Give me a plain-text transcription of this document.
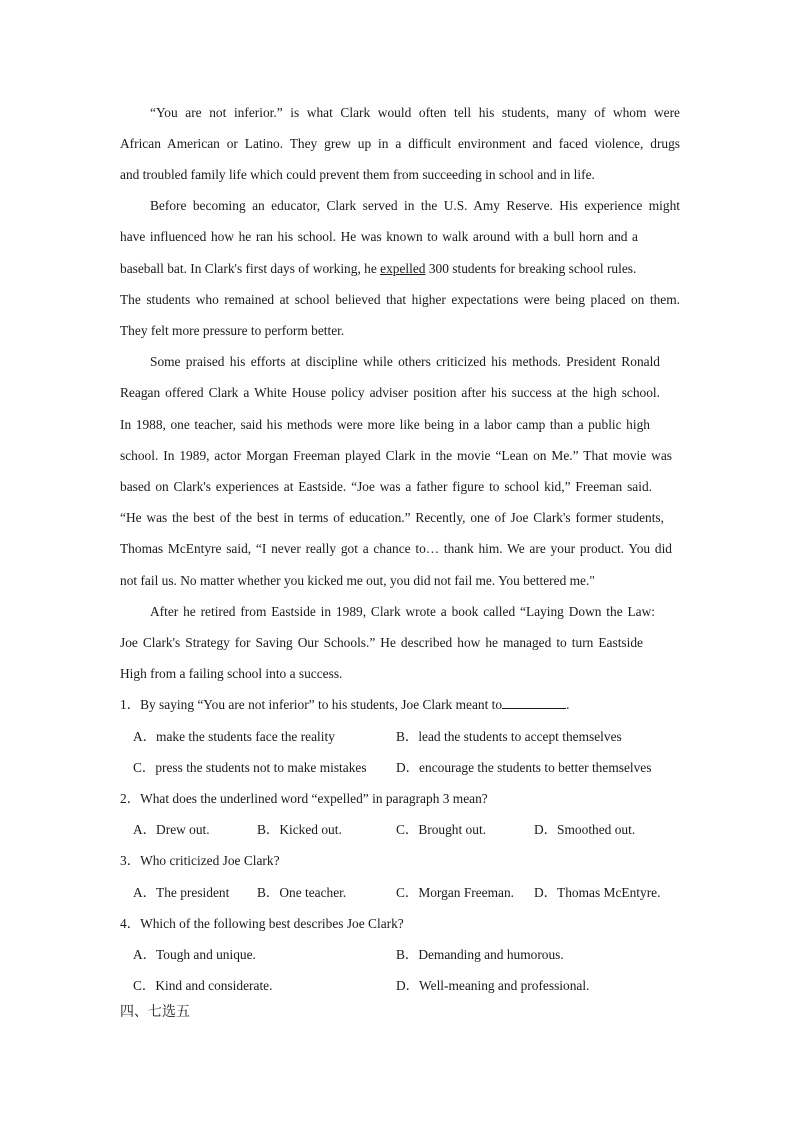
“You are not inferior.” is what Clark would often tell his students, many of whom were
African American or Latino. They grew up in a difficult environment and faced violence, drugs
and troubled family life which could prevent them from succeeding in school and in life.
Before becoming an educator, Clark served in the U.S. Amy Reserve. His experience might
have influenced how he ran his school. He was known to walk around with a bull horn and a
baseball bat. In Clark's first days of working, he expelled 300 students for breaking school rules.
The students who remained at school believed that higher expectations were being placed on them.
They felt more pressure to perform better.
Some praised his efforts at discipline while others criticized his methods. President Ronald
Reagan offered Clark a White House policy adviser position after his success at the high school.
In 1988, one teacher, said his methods were more like being in a labor camp than a public high
school. In 1989, actor Morgan Freeman played Clark in the movie “Lean on Me.” That movie was
based on Clark's experiences at Eastside. “Joe was a father figure to school kid,” Freeman said.
“He was the best of the best in terms of education.” Recently, one of Joe Clark's former students,
Thomas McEntyre said, “I never really got a chance to… thank him. We are your product. You did
not fail us. No matter whether you kicked me out, you did not fail me. You bettered me."
After he retired from Eastside in 1989, Clark wrote a book called “Laying Down the Law:
Joe Clark's Strategy for Saving Our Schools.” He described how he managed to turn Eastside
High from a failing school into a success.
1．By saying “You are not inferior” to his students, Joe Clark meant to	.
A．make the students face the reality	B．lead the students to accept themselves
C．press the students not to make mistakes D．encourage the students to better themselves
2．What does the underlined word “expelled” in paragraph 3 mean?
A．Drew out.	B．Kicked out.	C．Brought out.	D．Smoothed out.
3．Who criticized Joe Clark?
A．The president B．One teacher.	C．Morgan Freeman. D．Thomas McEntyre.
4．Which of the following best describes Joe Clark?
A．Tough and unique.	B．Demanding and humorous.
C．Kind and considerate.	D．Well-meaning and professional.
四、七选五
